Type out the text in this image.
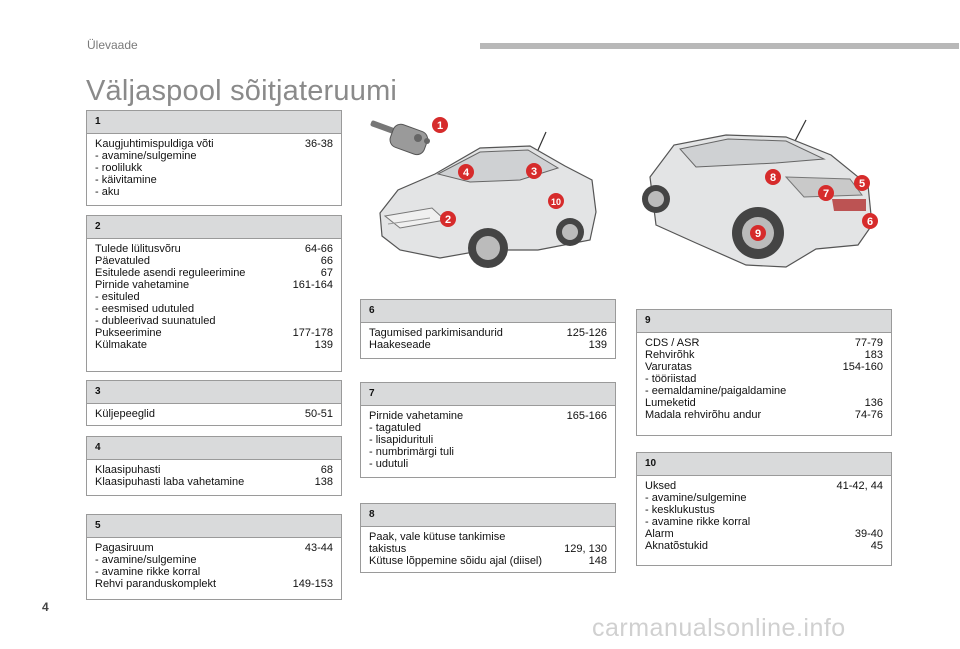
Ülevaade
Väljaspool sõitjateruumi
1
Kaugjuhtimispuldiga võti	36-38
- avamine/sulgemine
- roolilukk
- käivitamine
- aku
2
Tulede lülitusvõru	64-66
Päevatuled	66
Esitulede asendi reguleerimine	67
Pirnide vahetamine	161-164
- esituled
- eesmised udutuled
- dubleerivad suunatuled
Pukseerimine	177-178
Külmakate	139
3
Küljepeeglid	50-51
4
Klaasipuhasti	68
Klaasipuhasti laba vahetamine	138
5
Pagasiruum	43-44
- avamine/sulgemine
- avamine rikke korral
Rehvi paranduskomplekt	149-153
6
Tagumised parkimisandurid	125-126
Haakeseade	139
7
Pirnide vahetamine	165-166
- tagatuled
- lisapidurituli
- numbrimärgi tuli
- udutuli
8
Paak, vale kütuse tankimise
takistus	129, 130
Kütuse lõppemine sõidu ajal (diisel)	148
9
CDS / ASR	77-79
Rehvirõhk	183
Varuratas	154-160
- tööriistad
- eemaldamine/paigaldamine
Lumeketid	136
Madala rehvirõhu andur	74-76
10
Uksed	41-42, 44
- avamine/sulgemine
- kesklukustus
- avamine rikke korral
Alarm	39-40
Aknatõstukid	45
1
4	3
10
2
8	5
7
6
9
4
carmanualsonline.info
